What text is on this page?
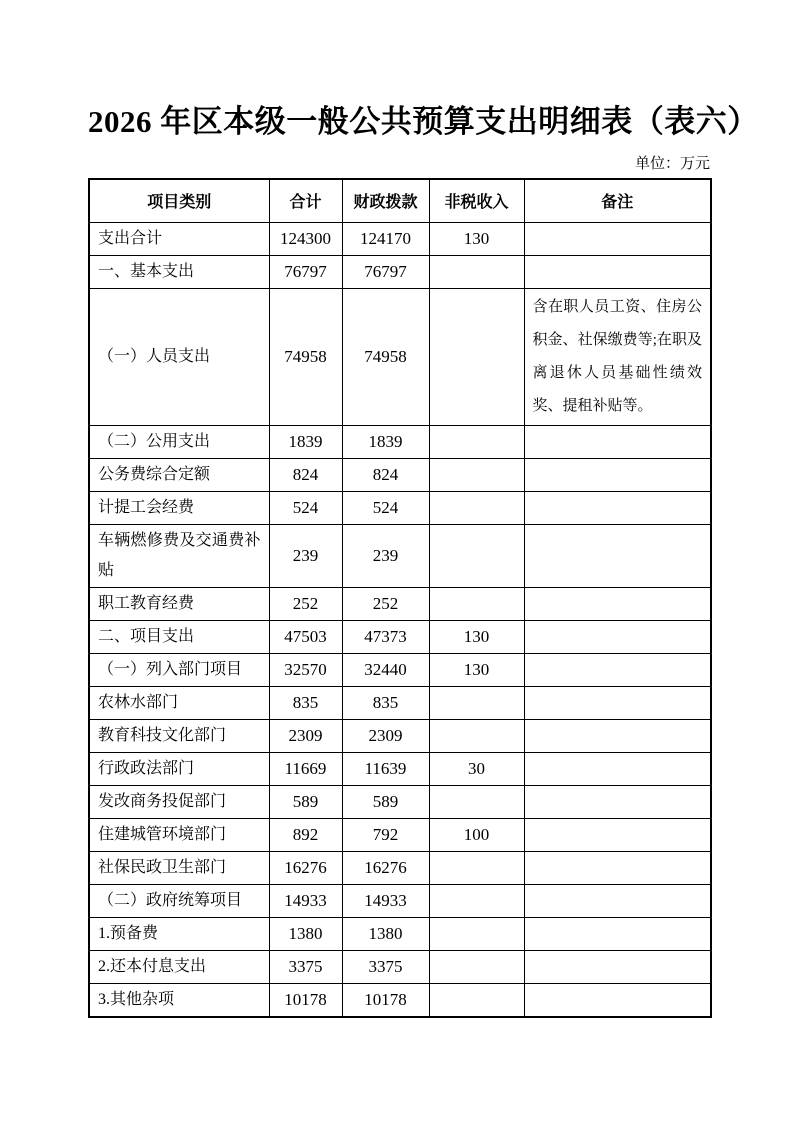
2026 年区本级一般公共预算支出明细表（表六）
单位：万元
项目类别	合计	财政拨款	非税收入	备注
支出合计	124300	124170	130	
一、基本支出	76797	76797		
（一）人员支出	74958	74958		含在职人员工资、住房公积金、社保缴费等;在职及离退休人员基础性绩效奖、提租补贴等。
（二）公用支出	1839	1839		
公务费综合定额	824	824		
计提工会经费	524	524		
车辆燃修费及交通费补贴	239	239		
职工教育经费	252	252		
二、项目支出	47503	47373	130	
（一）列入部门项目	32570	32440	130	
农林水部门	835	835		
教育科技文化部门	2309	2309		
行政政法部门	11669	11639	30	
发改商务投促部门	589	589		
住建城管环境部门	892	792	100	
社保民政卫生部门	16276	16276		
（二）政府统筹项目	14933	14933		
1.预备费	1380	1380		
2.还本付息支出	3375	3375		
3.其他杂项	10178	10178		
